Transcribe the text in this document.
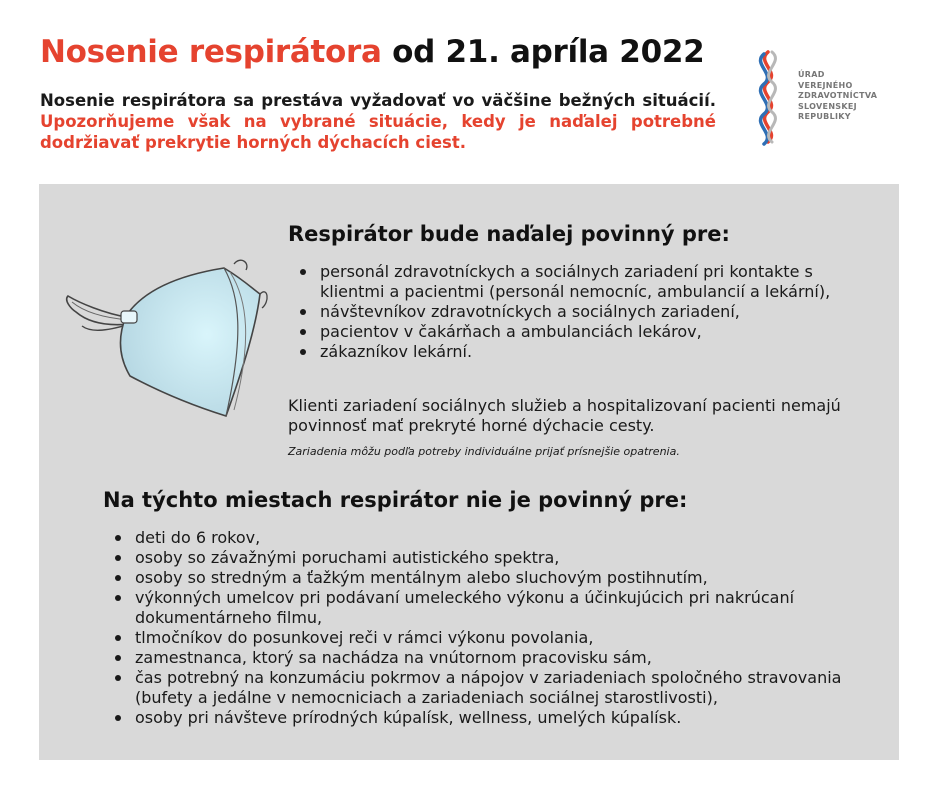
Nosenie respirátora od 21. apríla 2022

Nosenie respirátora sa prestáva vyžadovať vo väčšine bežných situácií. Upozorňujeme však na vybrané situácie, kedy je naďalej potrebné dodržiavať prekrytie horných dýchacích ciest.

ÚRAD
VEREJNÉHO
ZDRAVOTNÍCTVA
SLOVENSKEJ
REPUBLIKY
Respirátor bude naďalej povinný pre:
personál zdravotníckych a sociálnych zariadení pri kontakte s klientmi a pacientmi (personál nemocníc, ambulancií a lekární),
návštevníkov zdravotníckych a sociálnych zariadení,
pacientov v čakárňach a ambulanciách lekárov,
zákazníkov lekární.

Klienti zariadení sociálnych služieb a hospitalizovaní pacienti nemajú povinnosť mať prekryté horné dýchacie cesty.

Zariadenia môžu podľa potreby individuálne prijať prísnejšie opatrenia.

Na týchto miestach respirátor nie je povinný pre:
deti do 6 rokov,
osoby so závažnými poruchami autistického spektra,
osoby so stredným a ťažkým mentálnym alebo sluchovým postihnutím,
výkonných umelcov pri podávaní umeleckého výkonu a účinkujúcich pri nakrúcaní dokumentárneho filmu,
tlmočníkov do posunkovej reči v rámci výkonu povolania,
zamestnanca, ktorý sa nachádza na vnútornom pracovisku sám,
čas potrebný na konzumáciu pokrmov a nápojov v zariadeniach spoločného stravovania (bufety a jedálne v nemocniciach a zariadeniach sociálnej starostlivosti),
osoby pri návšteve prírodných kúpalísk, wellness, umelých kúpalísk.
